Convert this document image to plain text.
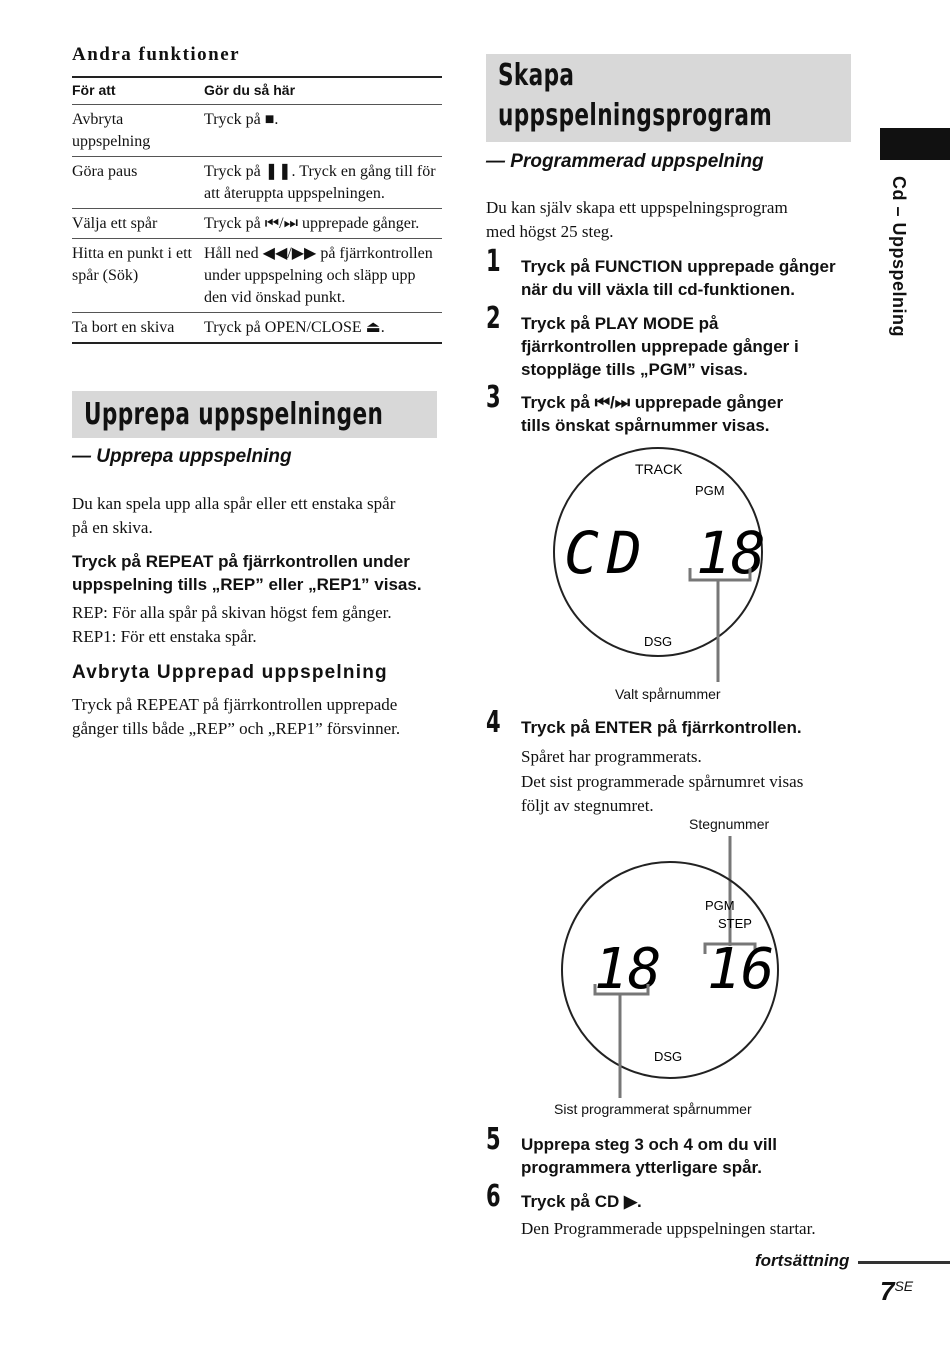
Andra funktioner
För att	Gör du så här
Avbryta uppspelning	Tryck på ■.
Göra paus	Tryck på ❚❚. Tryck en gång till för att återuppta uppspelningen.
Välja ett spår	Tryck på ⏮/⏭ upprepade gånger.
Hitta en punkt i ett spår (Sök)	Håll ned ◀◀/▶▶ på fjärrkontrollen under uppspelning och släpp upp den vid önskad punkt.
Ta bort en skiva	Tryck på OPEN/CLOSE ⏏.
Upprepa uppspelningen
— Upprepa uppspelning
Du kan spela upp alla spår eller ett enstaka spår
på en skiva.
Tryck på REPEAT på fjärrkontrollen under
uppspelning tills „REP” eller „REP1” visas.
REP: För alla spår på skivan högst fem gånger.
REP1: För ett enstaka spår.
Avbryta Upprepad uppspelning
Tryck på REPEAT på fjärrkontrollen upprepade
gånger tills både „REP” och „REP1” försvinner.
Skapa
uppspelningsprogram
— Programmerad uppspelning
Du kan själv skapa ett uppspelningsprogram
med högst 25 steg.
1 Tryck på FUNCTION upprepade gånger
när du vill växla till cd-funktionen.
2 Tryck på PLAY MODE på
fjärrkontrollen upprepade gånger i
stoppläge tills „PGM” visas.
3 Tryck på ⏮/⏭ upprepade gånger
tills önskat spårnummer visas.
TRACK
PGM
CD 18
DSG
Valt spårnummer
4 Tryck på ENTER på fjärrkontrollen.
Spåret har programmerats.
Det sist programmerade spårnumret visas
följt av stegnumret.
Stegnummer
PGM
STEP
18 16
DSG
Sist programmerat spårnummer
5 Upprepa steg 3 och 4 om du vill
programmera ytterligare spår.
6 Tryck på CD ▶.
Den Programmerade uppspelningen startar.
Cd – Uppspelning
fortsättning
$7^{SE}$
